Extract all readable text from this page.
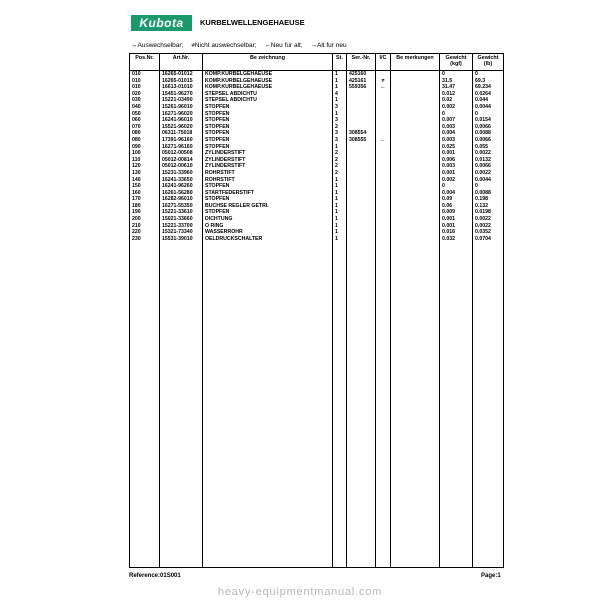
Kubota	KURBELWELLENGEHAEUSE
↔Auswechselbar; ≠Nicht auswechselbar; ←Neu fur alt; →Alt fur neu
Pos.Nr.	Art.Nr.	Be zeichnung	St.	Ser.-Nr.	I/C	Be merkungen	Gewicht (kgf)	Gewicht (lb)
010	16265-01012	KOMP.KURBELGEHAEUSE	1	425160			0	0
010	16265-01015	KOMP.KURBELGEHAEUSE	1	425161	≠		31.5	69.3
010	16613-01010	KOMP.KURBELGEHAEUSE	1	559356	←		31.47	69.234
020	15451-96270	STEPSEL ABDICHTU	4				0.012	0.0264
030	15221-03490	STEPSEL ABDICHTU	1				0.02	0.044
040	15261-96010	STOPFEN	3				0.002	0.0044
050	16271-96020	STOPFEN	1				0	0
060	16241-96010	STOPFEN	3				0.007	0.0154
070	15521-96020	STOPFEN	2				0.003	0.0066
080	06311-75018	STOPFEN	3	308554			0.004	0.0088
080	17391-96160	STOPFEN	3	308555	←		0.003	0.0066
090	16271-96160	STOPFEN	1				0.025	0.055
100	05012-00508	ZYLINDERSTIFT	2				0.001	0.0022
110	05012-00814	ZYLINDERSTIFT	2				0.006	0.0132
120	05012-00610	ZYLINDERSTIFT	2				0.003	0.0066
130	15231-33960	ROHRSTIFT	2				0.001	0.0022
140	16241-33650	ROHRSTIFT	1				0.002	0.0044
150	16241-96260	STOPFEN	1				0	0
160	16261-56280	STARTFEDERSTIFT	1				0.004	0.0088
170	16282-96010	STOPFEN	1				0.09	0.198
180	16271-55350	BUCHSE REGLER GETRI.	1				0.06	0.132
190	15221-33610	STOPFEN	1				0.009	0.0198
200	15021-33660	DICHTUNG	1				0.001	0.0022
210	15221-33700	O RING	1				0.001	0.0022
220	15321-73340	WASSERROHR	1				0.016	0.0352
230	15531-39010	OELDRUCKSCHALTER	1				0.032	0.0704

Reference:01S001	Page:1
heavy-equipmentmanual.com
